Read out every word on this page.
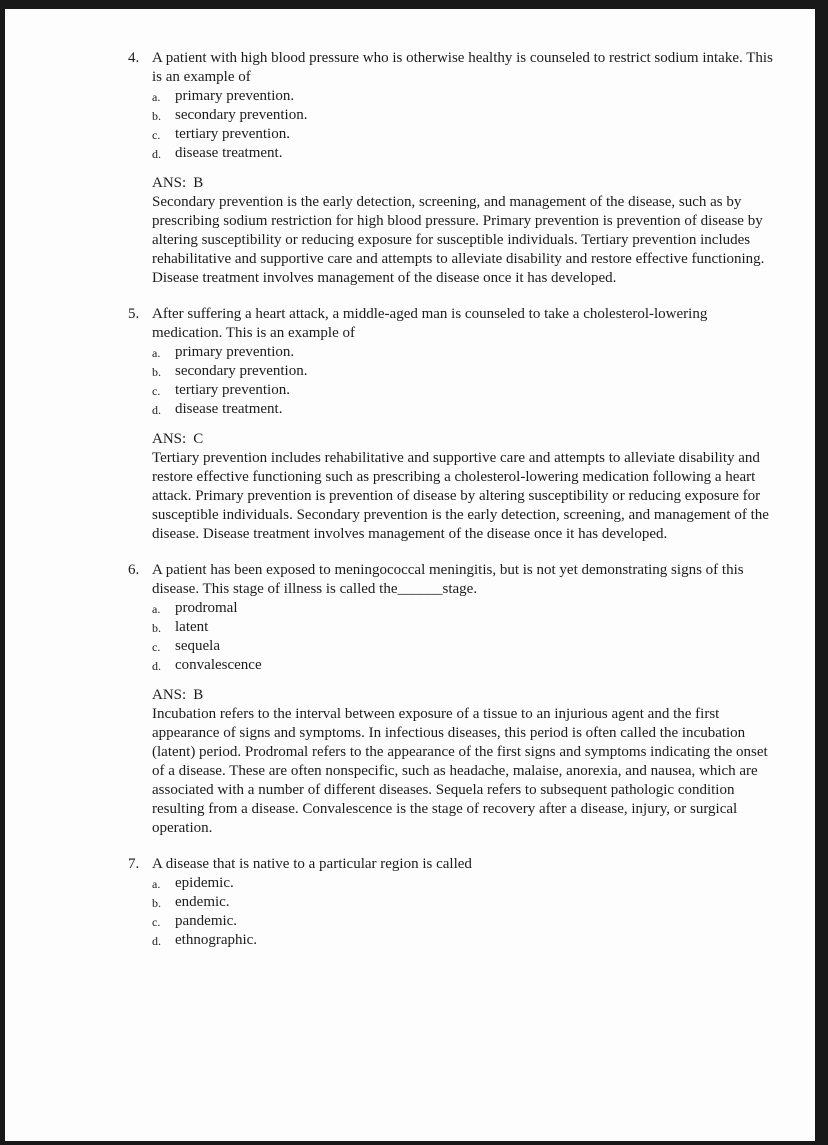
4. A patient with high blood pressure who is otherwise healthy is counseled to restrict sodium intake. This is an example of

a. primary prevention.
b. secondary prevention.
c. tertiary prevention.
d. disease treatment.

ANS: B

Secondary prevention is the early detection, screening, and management of the disease, such as by prescribing sodium restriction for high blood pressure. Primary prevention is prevention of disease by altering susceptibility or reducing exposure for susceptible individuals. Tertiary prevention includes rehabilitative and supportive care and attempts to alleviate disability and restore effective functioning. Disease treatment involves management of the disease once it has developed.

5. After suffering a heart attack, a middle-aged man is counseled to take a cholesterol-lowering medication. This is an example of

a. primary prevention.
b. secondary prevention.
c. tertiary prevention.
d. disease treatment.

ANS: C

Tertiary prevention includes rehabilitative and supportive care and attempts to alleviate disability and restore effective functioning such as prescribing a cholesterol-lowering medication following a heart attack. Primary prevention is prevention of disease by altering susceptibility or reducing exposure for susceptible individuals. Secondary prevention is the early detection, screening, and management of the disease. Disease treatment involves management of the disease once it has developed.

6. A patient has been exposed to meningococcal meningitis, but is not yet demonstrating signs of this disease. This stage of illness is called the______stage.

a. prodromal
b. latent
c. sequela
d. convalescence

ANS: B

Incubation refers to the interval between exposure of a tissue to an injurious agent and the first appearance of signs and symptoms. In infectious diseases, this period is often called the incubation (latent) period. Prodromal refers to the appearance of the first signs and symptoms indicating the onset of a disease. These are often nonspecific, such as headache, malaise, anorexia, and nausea, which are associated with a number of different diseases. Sequela refers to subsequent pathologic condition resulting from a disease. Convalescence is the stage of recovery after a disease, injury, or surgical operation.

7. A disease that is native to a particular region is called

a. epidemic.
b. endemic.
c. pandemic.
d. ethnographic.
